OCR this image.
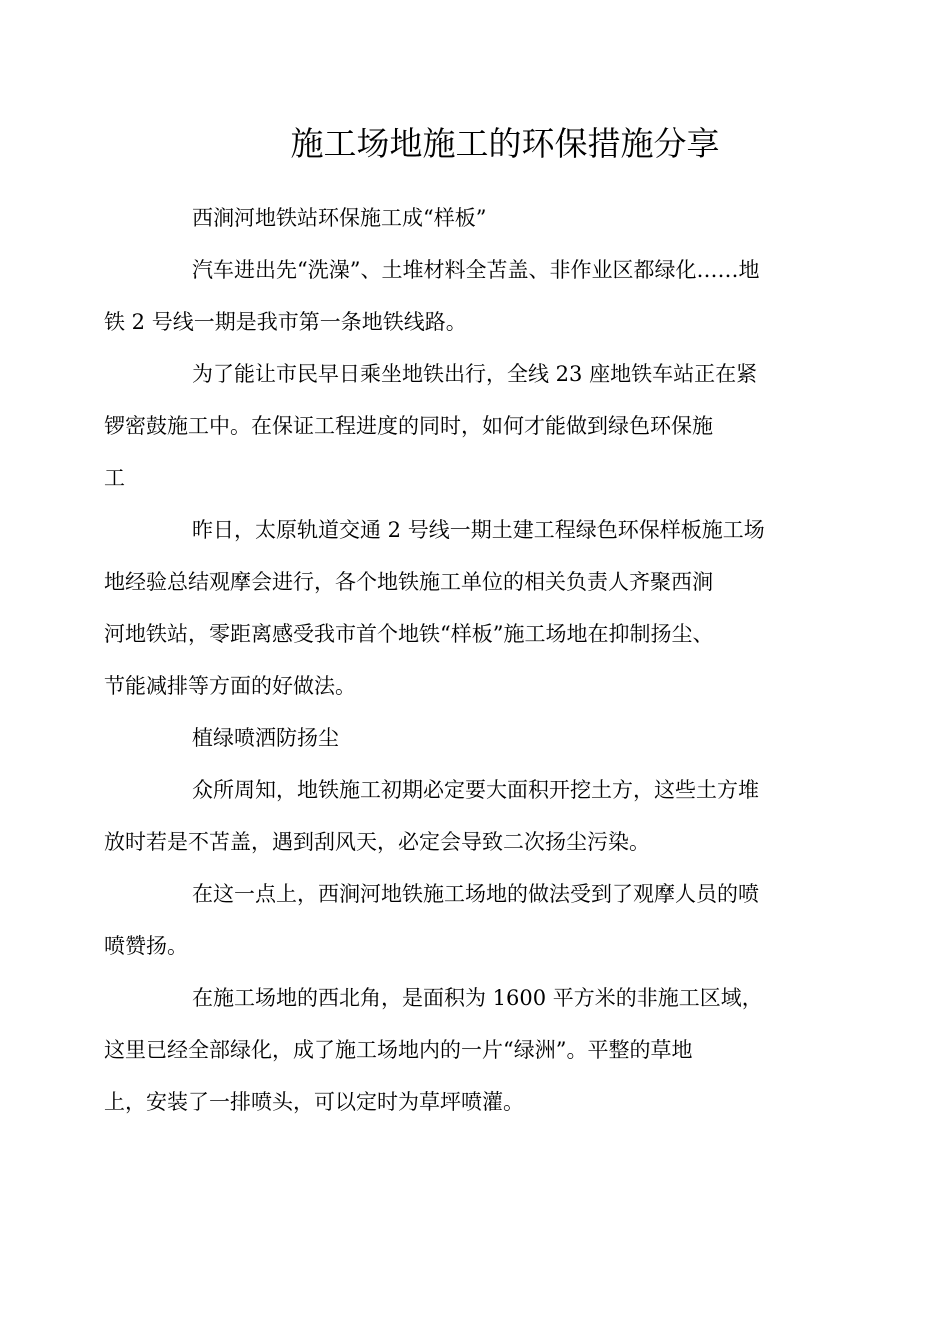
施工场地施工的环保措施分享
西涧河地铁站环保施工成“样板”
汽车进出先“洗澡”、土堆材料全苫盖、非作业区都绿化……地
铁 2 号线一期是我市第一条地铁线路。
为了能让市民早日乘坐地铁出行，全线 23 座地铁车站正在紧
锣密鼓施工中。在保证工程进度的同时，如何才能做到绿色环保施
工
昨日，太原轨道交通 2 号线一期土建工程绿色环保样板施工场
地经验总结观摩会进行，各个地铁施工单位的相关负责人齐聚西涧
河地铁站，零距离感受我市首个地铁“样板”施工场地在抑制扬尘、
节能减排等方面的好做法。
植绿喷洒防扬尘
众所周知，地铁施工初期必定要大面积开挖土方，这些土方堆
放时若是不苫盖，遇到刮风天，必定会导致二次扬尘污染。
在这一点上，西涧河地铁施工场地的做法受到了观摩人员的喷
喷赞扬。
在施工场地的西北角，是面积为 1600 平方米的非施工区域，
这里已经全部绿化，成了施工场地内的一片“绿洲”。平整的草地
上，安装了一排喷头，可以定时为草坪喷灌。
